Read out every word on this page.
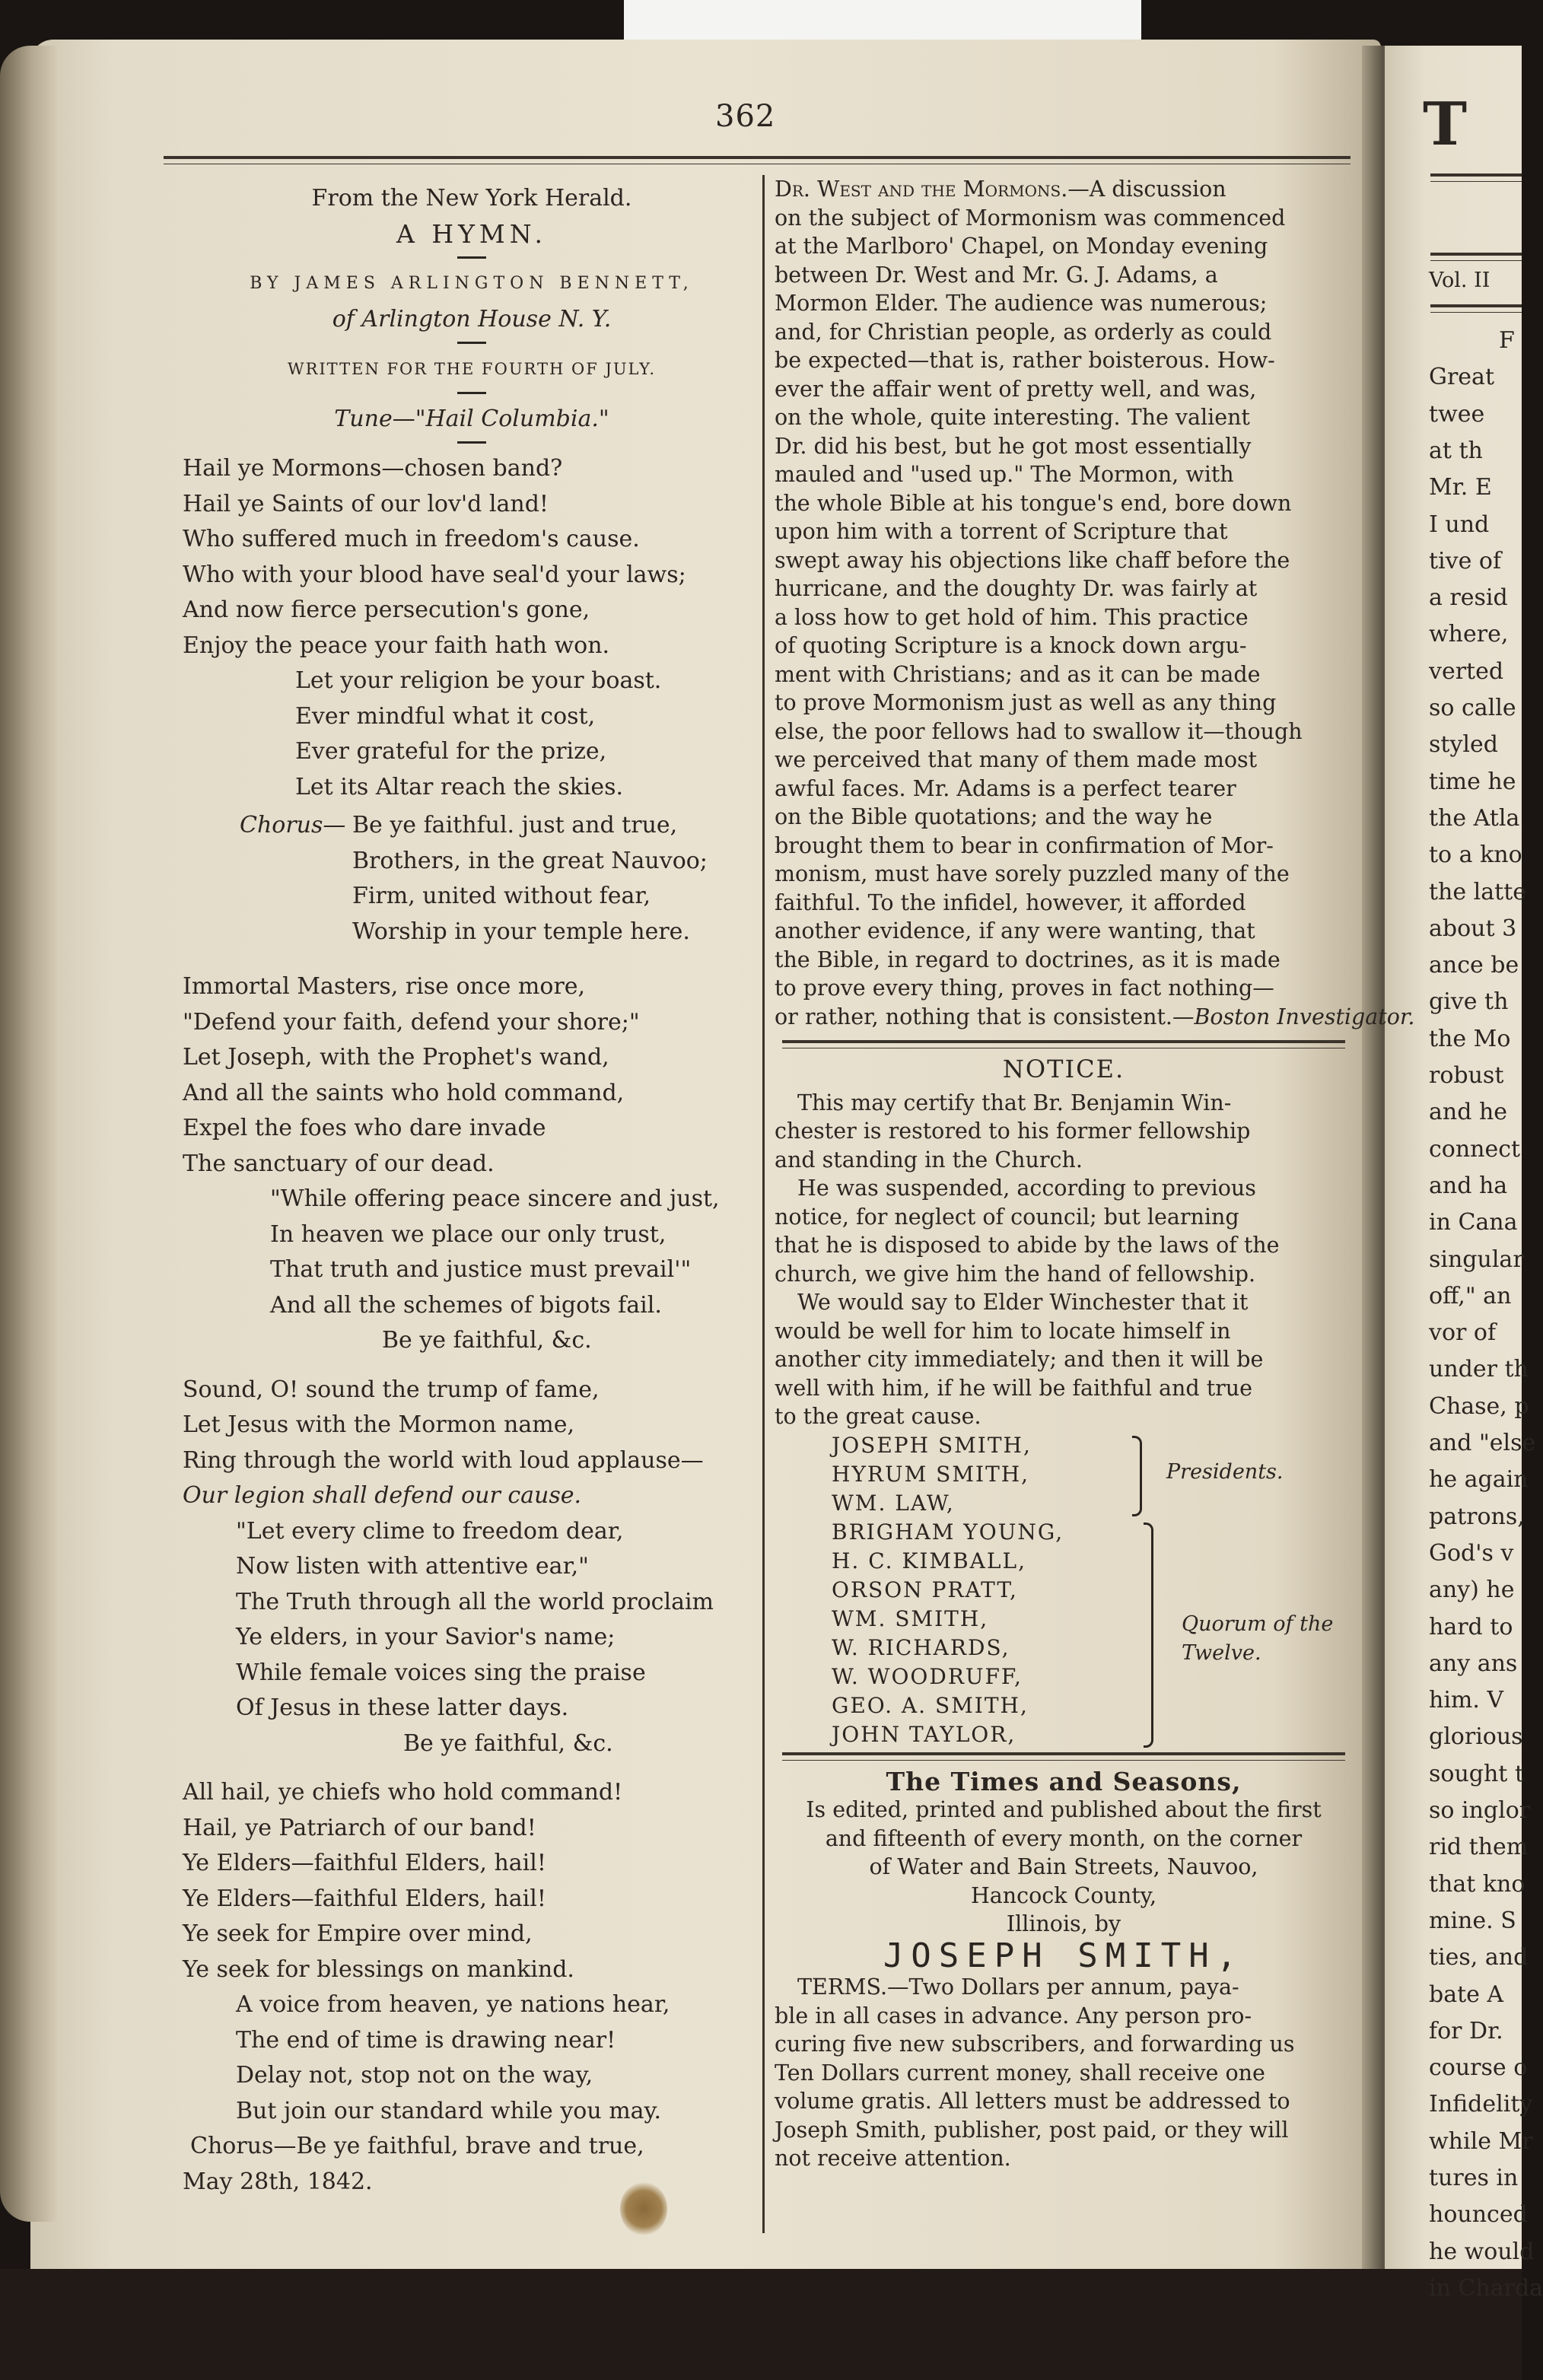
362
From the New York Herald.
A HYMN.
BY JAMES ARLINGTON BENNETT,
of Arlington House N. Y.
WRITTEN FOR THE FOURTH OF JULY.
Tune—"Hail Columbia."
Hail ye Mormons—chosen band?
Hail ye Saints of our lov'd land!
Who suffered much in freedom's cause.
Who with your blood have seal'd your laws;
And now fierce persecution's gone,
Enjoy the peace your faith hath won.
Let your religion be your boast.
Ever mindful what it cost,
Ever grateful for the prize,
Let its Altar reach the skies.
Chorus— Be ye faithful. just and true,
Brothers, in the great Nauvoo;
Firm, united without fear,
Worship in your temple here.
Immortal Masters, rise once more,
"Defend your faith, defend your shore;"
Let Joseph, with the Prophet's wand,
And all the saints who hold command,
Expel the foes who dare invade
The sanctuary of our dead.
"While offering peace sincere and just,
In heaven we place our only trust,
That truth and justice must prevail'"
And all the schemes of bigots fail.
Be ye faithful, &c.
Sound, O! sound the trump of fame,
Let Jesus with the Mormon name,
Ring through the world with loud applause—
Our legion shall defend our cause.
"Let every clime to freedom dear,
Now listen with attentive ear,"
The Truth through all the world proclaim
Ye elders, in your Savior's name;
While female voices sing the praise
Of Jesus in these latter days.
Be ye faithful, &c.
All hail, ye chiefs who hold command!
Hail, ye Patriarch of our band!
Ye Elders—faithful Elders, hail!
Ye Elders—faithful Elders, hail!
Ye seek for Empire over mind,
Ye seek for blessings on mankind.
A voice from heaven, ye nations hear,
The end of time is drawing near!
Delay not, stop not on the way,
But join our standard while you may.
Chorus—Be ye faithful, brave and true,
May 28th, 1842.
Dr. West and the Mormons.—A discussion
on the subject of Mormonism was commenced
at the Marlboro' Chapel, on Monday evening
between Dr. West and Mr. G. J. Adams, a
Mormon Elder. The audience was numerous;
and, for Christian people, as orderly as could
be expected—that is, rather boisterous. How-
ever the affair went of pretty well, and was,
on the whole, quite interesting. The valient
Dr. did his best, but he got most essentially
mauled and "used up." The Mormon, with
the whole Bible at his tongue's end, bore down
upon him with a torrent of Scripture that
swept away his objections like chaff before the
hurricane, and the doughty Dr. was fairly at
a loss how to get hold of him. This practice
of quoting Scripture is a knock down argu-
ment with Christians; and as it can be made
to prove Mormonism just as well as any thing
else, the poor fellows had to swallow it—though
we perceived that many of them made most
awful faces. Mr. Adams is a perfect tearer
on the Bible quotations; and the way he
brought them to bear in confirmation of Mor-
monism, must have sorely puzzled many of the
faithful. To the infidel, however, it afforded
another evidence, if any were wanting, that
the Bible, in regard to doctrines, as it is made
to prove every thing, proves in fact nothing—
or rather, nothing that is consistent.—Boston Investigator.
NOTICE.
This may certify that Br. Benjamin Win-
chester is restored to his former fellowship
and standing in the Church.
He was suspended, according to previous
notice, for neglect of council; but learning
that he is disposed to abide by the laws of the
church, we give him the hand of fellowship.
We would say to Elder Winchester that it
would be well for him to locate himself in
another city immediately; and then it will be
well with him, if he will be faithful and true
to the great cause.
JOSEPH SMITH,
HYRUM SMITH,
WM. LAW,
BRIGHAM YOUNG,
H. C. KIMBALL,
ORSON PRATT,
WM. SMITH,
W. RICHARDS,
W. WOODRUFF,
GEO. A. SMITH,
JOHN TAYLOR,
Presidents.
Quorum of the Twelve.
The Times and Seasons,
Is edited, printed and published about the first
and fifteenth of every month, on the corner
of Water and Bain Streets, Nauvoo,
Hancock County,
Illinois, by
JOSEPH SMITH,
TERMS.—Two Dollars per annum, paya-
ble in all cases in advance. Any person pro-
curing five new subscribers, and forwarding us
Ten Dollars current money, shall receive one
volume gratis. All letters must be addressed to
Joseph Smith, publisher, post paid, or they will
not receive attention.
T
Vol. II
F
Great
twee
at th
Mr. E
I und
tive of
a resid
where,
verted
so calle
styled
time he
the Atla
to a kno
the latte
about 3
ance be
give th
the Mo
robust
and he
connect
and ha
in Cana
singular
off," an
vor of
under th
Chase, p
and "else
he again
patrons,
God's v
any) he
hard to
any ans
him. V
glorious
sought t
so inglor
rid them
that kno
mine. S
ties, and
bate A
for Dr.
course o
Infidelity
while Mr
tures in
hounced
he would
in Charda
